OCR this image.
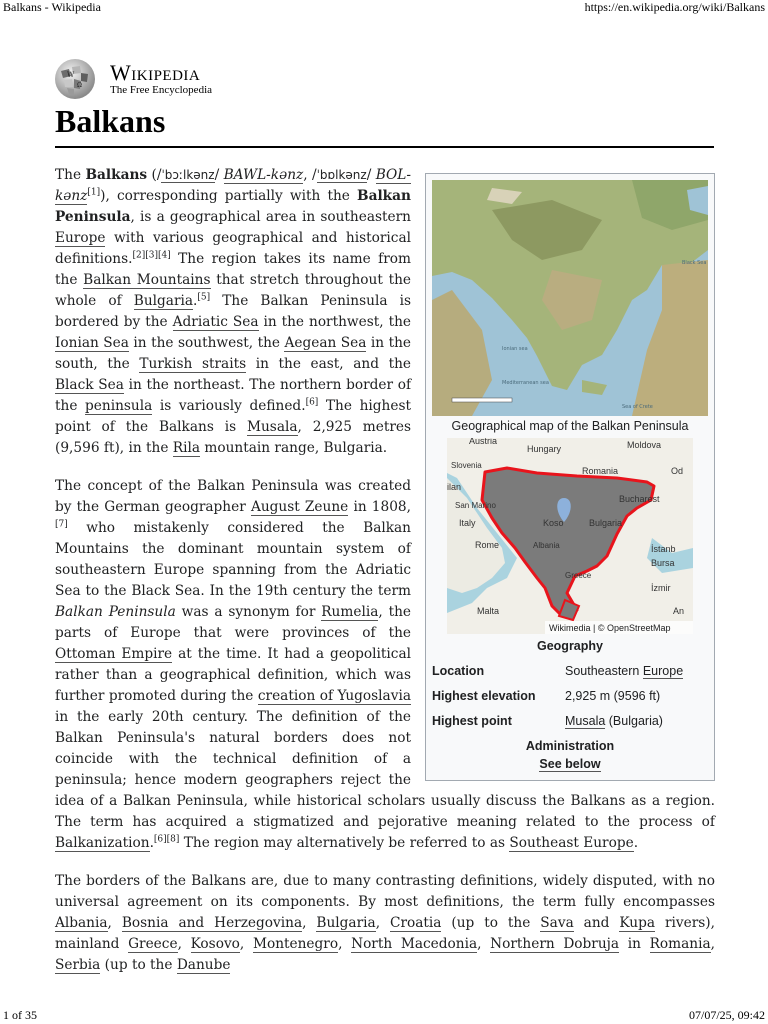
Balkans - Wikipedia	https://en.wikipedia.org/wiki/Balkans
W
Ω
Wikipedia
The Free Encyclopedia
Balkans
Black Sea
Mediterranean sea
Ionian sea
Sea of Crete
Geographical map of the Balkan Peninsula
Austria
Hungary	Moldova
Slovenia
Romania	Od
ilan
San Marino
Bucharest
Italy	Koso	Bulgaria
Rome	Albania	İstanb
Bursa
Greece
İzmir
Malta	An
Wikimedia | © OpenStreetMap
Geography
Location	Southeastern Europe
Highest elevation	2,925 m (9596 ft)
Highest point	Musala (Bulgaria)
Administration
See below

The Balkans (/ˈbɔːlkənz/ BAWL-kənz, /ˈbɒlkənz/ BOL-kənz[1]), corresponding partially with the Balkan Peninsula, is a geographical area in southeastern Europe with various geographical and historical definitions.[2][3][4] The region takes its name from the Balkan Mountains that stretch throughout the whole of Bulgaria.[5] The Balkan Peninsula is bordered by the Adriatic Sea in the northwest, the Ionian Sea in the southwest, the Aegean Sea in the south, the Turkish straits in the east, and the Black Sea in the northeast. The northern border of the peninsula is variously defined.[6] The highest point of the Balkans is Musala, 2,925 metres (9,596 ft), in the Rila mountain range, Bulgaria.

The concept of the Balkan Peninsula was created by the German geographer August Zeune in 1808,[7] who mistakenly considered the Balkan Mountains the dominant mountain system of southeastern Europe spanning from the Adriatic Sea to the Black Sea. In the 19th century the term Balkan Peninsula was a synonym for Rumelia, the parts of Europe that were provinces of the Ottoman Empire at the time. It had a geopolitical rather than a geographical definition, which was further promoted during the creation of Yugoslavia in the early 20th century. The definition of the Balkan Peninsula's natural borders does not coincide with the technical definition of a peninsula; hence modern geographers reject the idea of a Balkan Peninsula, while historical scholars usually discuss the Balkans as a region. The term has acquired a stigmatized and pejorative meaning related to the process of Balkanization.[6][8] The region may alternatively be referred to as Southeast Europe.

The borders of the Balkans are, due to many contrasting definitions, widely disputed, with no universal agreement on its components. By most definitions, the term fully encompasses Albania, Bosnia and Herzegovina, Bulgaria, Croatia (up to the Sava and Kupa rivers), mainland Greece, Kosovo, Montenegro, North Macedonia, Northern Dobruja in Romania, Serbia (up to the Danube

1 of 35	07/07/25, 09:42
